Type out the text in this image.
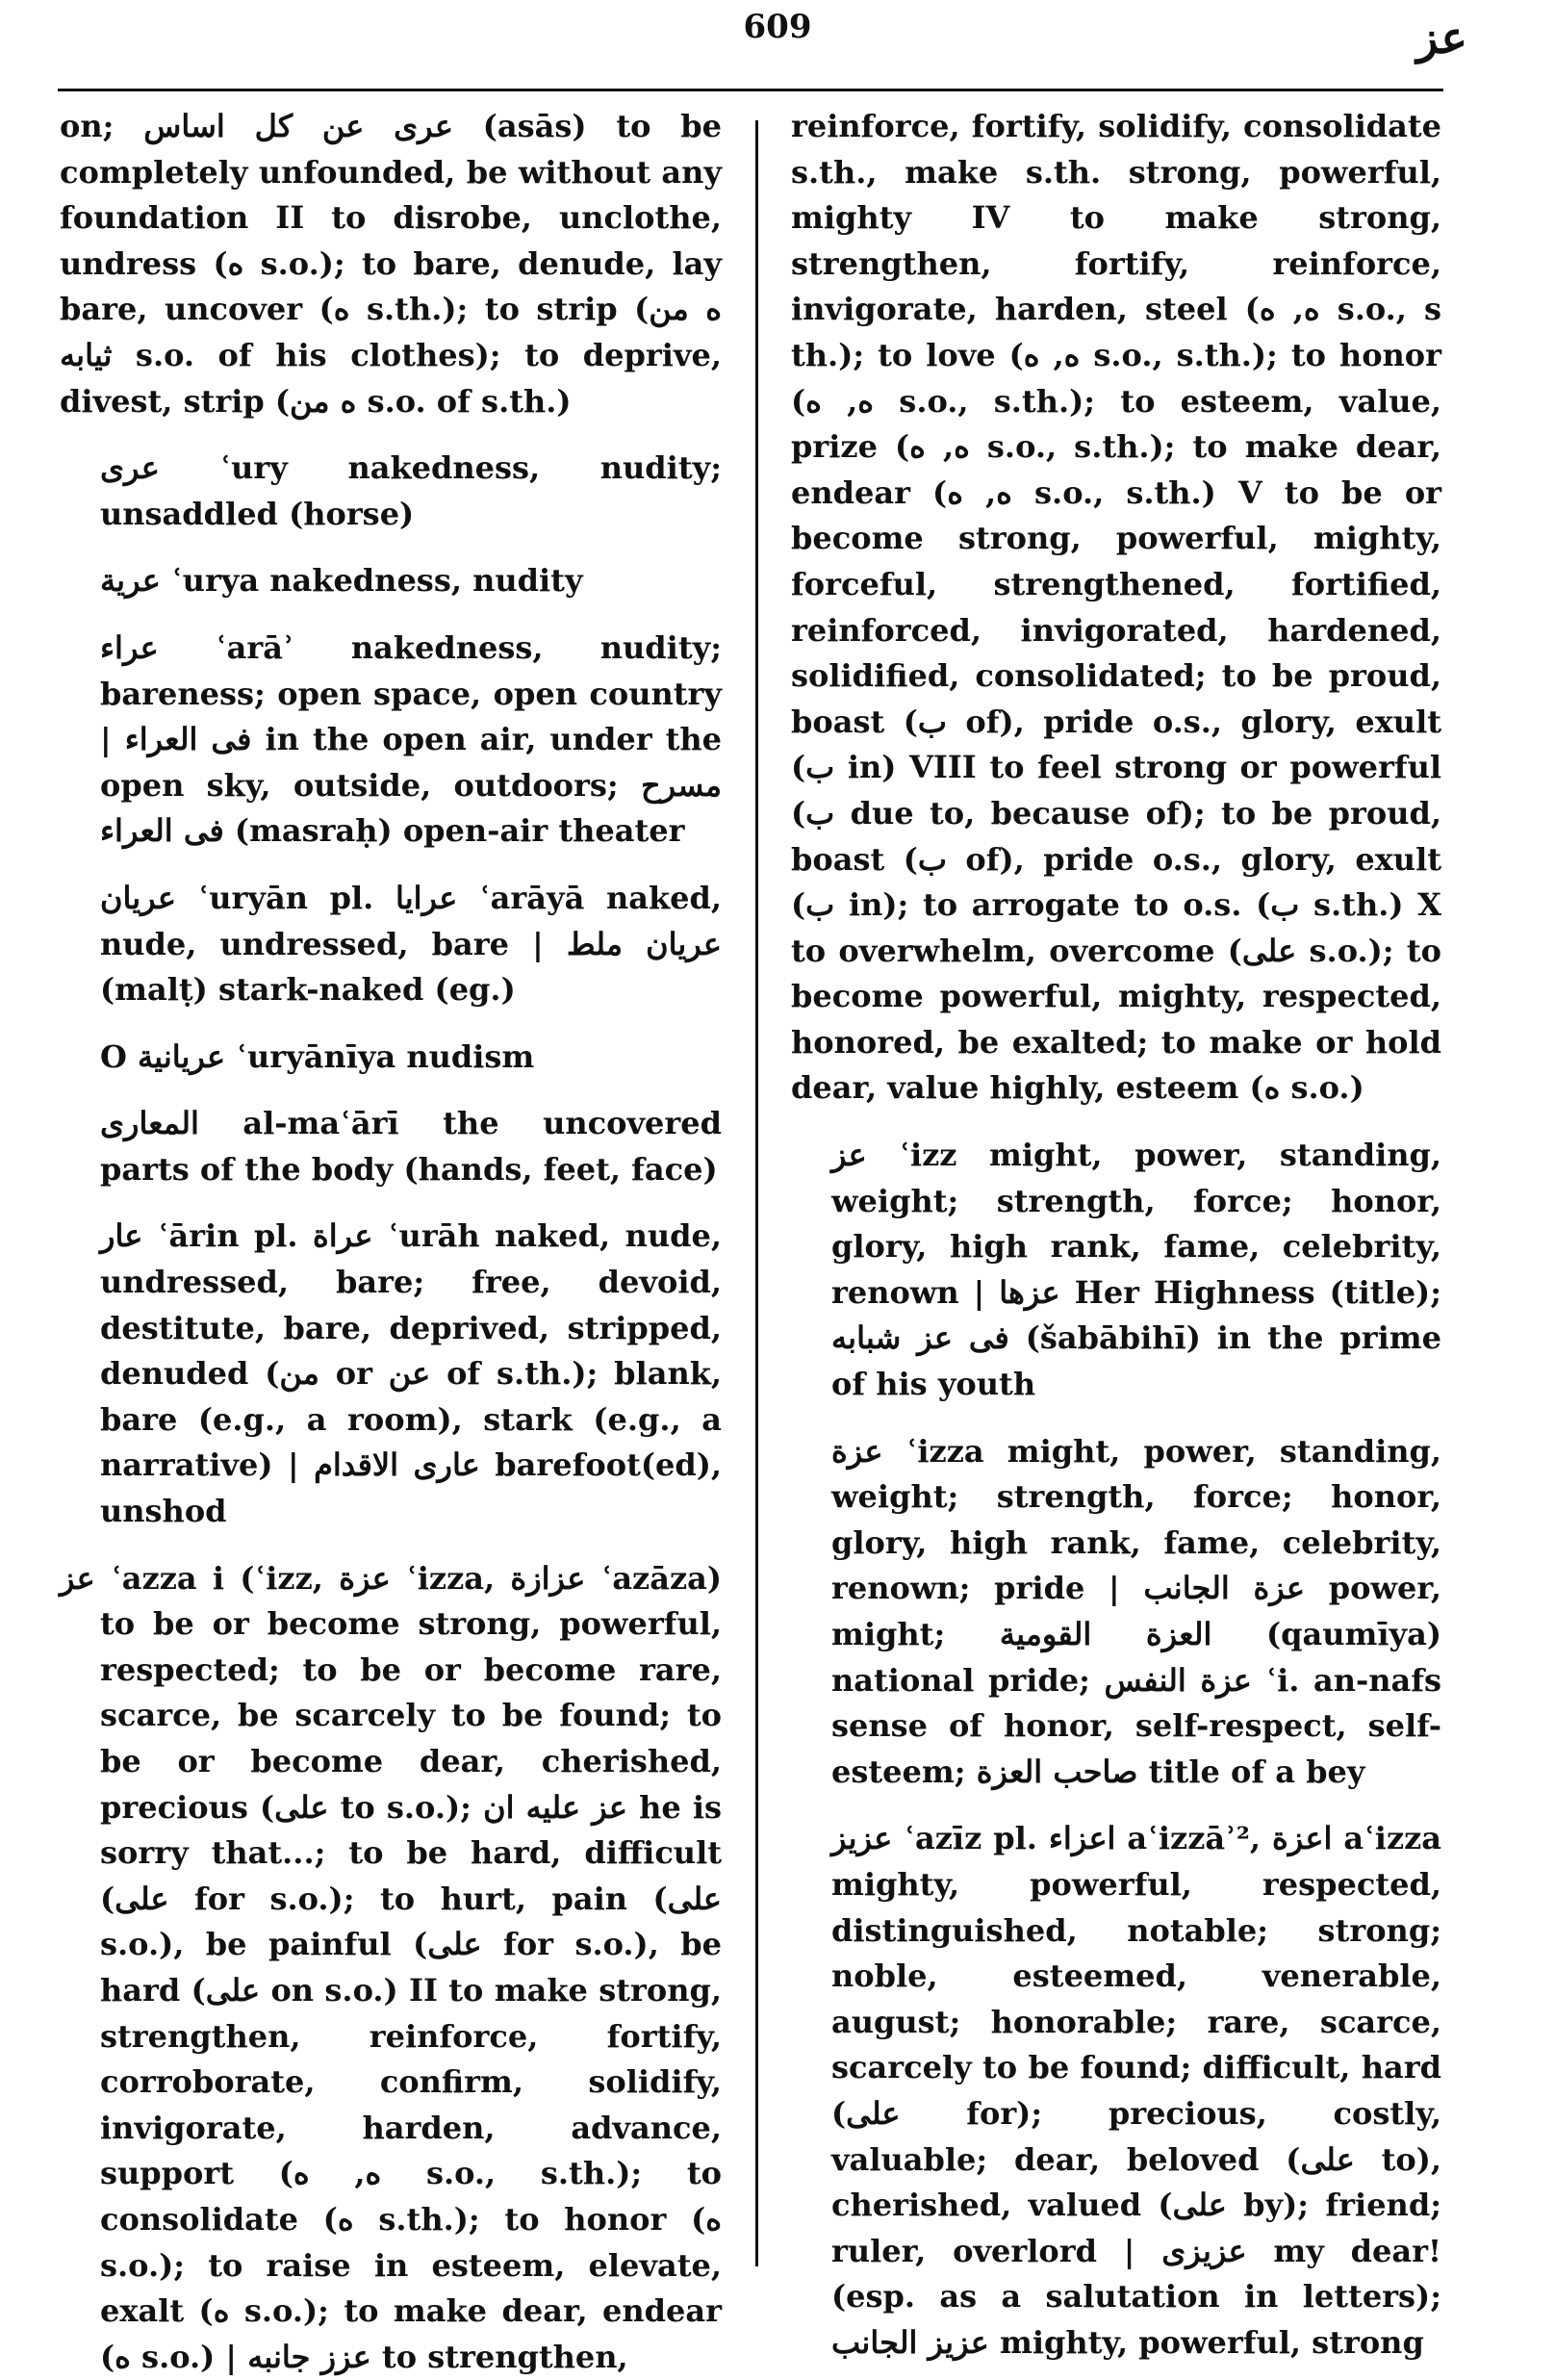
609	عز

on; عرى عن كل اساس (asās) to be completely unfounded, be without any foundation II to disrobe, unclothe, undress (ه s.o.); to bare, denude, lay bare, uncover (ه s.th.); to strip (ه من ثيابه s.o. of his clothes); to deprive, divest, strip (ه من s.o. of s.th.)

عرى ʿury nakedness, nudity; unsaddled (horse)

عرية ʿurya nakedness, nudity

عراء ʿarāʾ nakedness, nudity; bareness; open space, open country | فى العراء in the open air, under the open sky, outside, outdoors; مسرح فى العراء (masraḥ) open-air theater

عريان ʿuryān pl. عرايا ʿarāyā naked, nude, undressed, bare | عريان ملط (malṭ) stark-naked (eg.)

O عريانية ʿuryānīya nudism

المعارى al-maʿārī the uncovered parts of the body (hands, feet, face)

عار ʿārin pl. عراة ʿurāh naked, nude, undressed, bare; free, devoid, destitute, bare, deprived, stripped, denuded (من or عن of s.th.); blank, bare (e.g., a room), stark (e.g., a narrative) | عارى الاقدام barefoot(ed), unshod

عز ʿazza i (ʿizz, عزة ʿizza, عزازة ʿazāza) to be or become strong, powerful, respected; to be or become rare, scarce, be scarcely to be found; to be or become dear, cherished, precious (على to s.o.); عز عليه ان he is sorry that...; to be hard, difficult (على for s.o.); to hurt, pain (على s.o.), be painful (على for s.o.), be hard (على on s.o.) II to make strong, strengthen, reinforce, fortify, corroborate, confirm, solidify, invigorate, harden, advance, support (ه, ه s.o., s.th.); to consolidate (ه s.th.); to honor (ه s.o.); to raise in esteem, elevate, exalt (ه s.o.); to make dear, endear (ه s.o.) | عزز جانبه to strengthen,

reinforce, fortify, solidify, consolidate s.th., make s.th. strong, powerful, mighty IV to make strong, strengthen, fortify, reinforce, invigorate, harden, steel (ه, ه s.o., s th.); to love (ه, ه s.o., s.th.); to honor (ه, ه s.o., s.th.); to esteem, value, prize (ه, ه s.o., s.th.); to make dear, endear (ه, ه s.o., s.th.) V to be or become strong, powerful, mighty, forceful, strengthened, fortified, reinforced, invigorated, hardened, solidified, consolidated; to be proud, boast (ب of), pride o.s., glory, exult (ب in) VIII to feel strong or powerful (ب due to, because of); to be proud, boast (ب of), pride o.s., glory, exult (ب in); to arrogate to o.s. (ب s.th.) X to overwhelm, overcome (على s.o.); to become powerful, mighty, respected, honored, be exalted; to make or hold dear, value highly, esteem (ه s.o.)

عز ʿizz might, power, standing, weight; strength, force; honor, glory, high rank, fame, celebrity, renown | عزها Her Highness (title); فى عز شبابه (šabābihī) in the prime of his youth

عزة ʿizza might, power, standing, weight; strength, force; honor, glory, high rank, fame, celebrity, renown; pride | عزة الجانب power, might; العزة القومية (qaumīya) national pride; عزة النفس ʿi. an-nafs sense of honor, self-respect, self-esteem; صاحب العزة title of a bey

عزيز ʿazīz pl. اعزاء aʿizzāʾ², اعزة aʿizza mighty, powerful, respected, distinguished, notable; strong; noble, esteemed, venerable, august; honorable; rare, scarce, scarcely to be found; difficult, hard (على for); precious, costly, valuable; dear, beloved (على to), cherished, valued (على by); friend; ruler, overlord | عزيزى my dear! (esp. as a salutation in letters); عزيز الجانب mighty, powerful, strong
